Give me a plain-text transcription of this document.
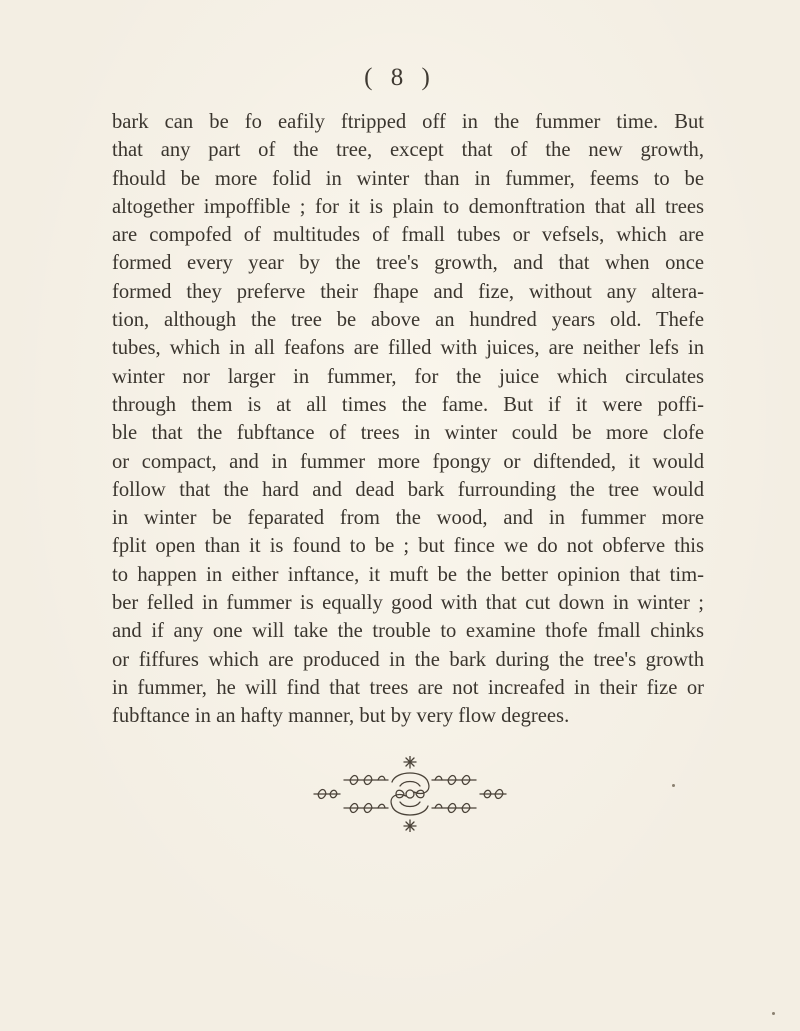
( 8 )
bark can be fo eafily ftripped off in the fummer time. But
that any part of the tree, except that of the new growth,
fhould be more folid in winter than in fummer, feems to be
altogether impoffible ; for it is plain to demonftration that all trees
are compofed of multitudes of fmall tubes or vefsels, which are
formed every year by the tree's growth, and that when once
formed they preferve their fhape and fize, without any altera-
tion, although the tree be above an hundred years old. Thefe
tubes, which in all feafons are filled with juices, are neither lefs in
winter nor larger in fummer, for the juice which circulates
through them is at all times the fame. But if it were poffi-
ble that the fubftance of trees in winter could be more clofe
or compact, and in fummer more fpongy or diftended, it would
follow that the hard and dead bark furrounding the tree would
in winter be feparated from the wood, and in fummer more
fplit open than it is found to be ; but fince we do not obferve this
to happen in either inftance, it muft be the better opinion that tim-
ber felled in fummer is equally good with that cut down in winter ;
and if any one will take the trouble to examine thofe fmall chinks
or fiffures which are produced in the bark during the tree's growth
in fummer, he will find that trees are not increafed in their fize or
fubftance in an hafty manner, but by very flow degrees.
